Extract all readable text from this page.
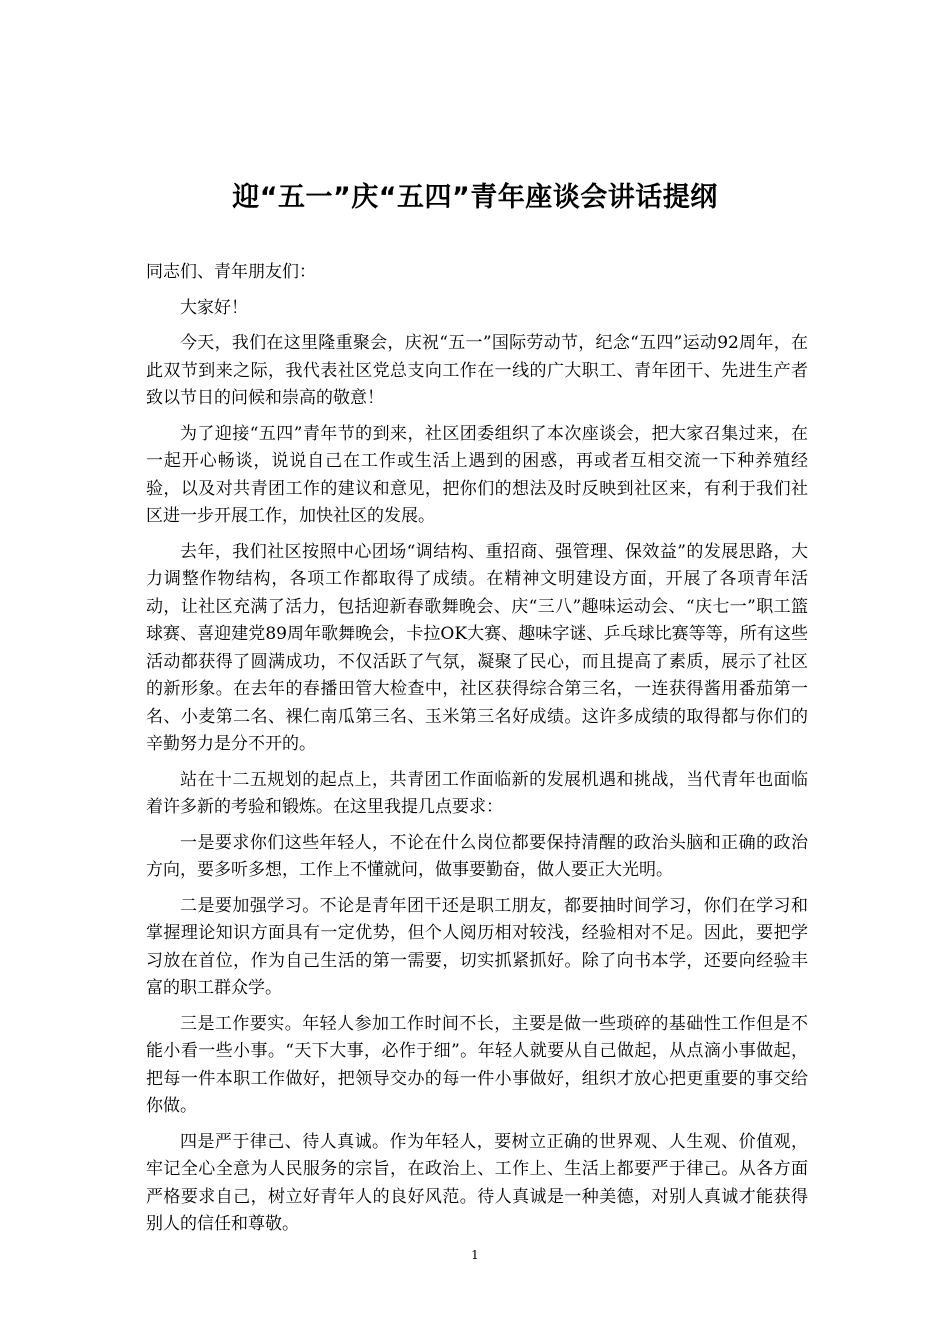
迎“五一”庆“五四”青年座谈会讲话提纲

同志们、青年朋友们：

大家好！

今天，我们在这里隆重聚会，庆祝“五一”国际劳动节，纪念“五四”运动92周年，在此双节到来之际，我代表社区党总支向工作在一线的广大职工、青年团干、先进生产者致以节日的问候和崇高的敬意！

为了迎接“五四”青年节的到来，社区团委组织了本次座谈会，把大家召集过来，在一起开心畅谈，说说自己在工作或生活上遇到的困惑，再或者互相交流一下种养殖经验，以及对共青团工作的建议和意见，把你们的想法及时反映到社区来，有利于我们社区进一步开展工作，加快社区的发展。

去年，我们社区按照中心团场“调结构、重招商、强管理、保效益”的发展思路，大力调整作物结构，各项工作都取得了成绩。在精神文明建设方面，开展了各项青年活动，让社区充满了活力，包括迎新春歌舞晚会、庆“三八”趣味运动会、“庆七一”职工篮球赛、喜迎建党89周年歌舞晚会，卡拉OK大赛、趣味字谜、乒乓球比赛等等，所有这些活动都获得了圆满成功，不仅活跃了气氛，凝聚了民心，而且提高了素质，展示了社区的新形象。在去年的春播田管大检查中，社区获得综合第三名，一连获得酱用番茄第一名、小麦第二名、裸仁南瓜第三名、玉米第三名好成绩。这许多成绩的取得都与你们的辛勤努力是分不开的。

站在十二五规划的起点上，共青团工作面临新的发展机遇和挑战，当代青年也面临着许多新的考验和锻炼。在这里我提几点要求：

一是要求你们这些年轻人，不论在什么岗位都要保持清醒的政治头脑和正确的政治方向，要多听多想，工作上不懂就问，做事要勤奋，做人要正大光明。

二是要加强学习。不论是青年团干还是职工朋友，都要抽时间学习，你们在学习和掌握理论知识方面具有一定优势，但个人阅历相对较浅，经验相对不足。因此，要把学习放在首位，作为自己生活的第一需要，切实抓紧抓好。除了向书本学，还要向经验丰富的职工群众学。

三是工作要实。年轻人参加工作时间不长，主要是做一些琐碎的基础性工作但是不能小看一些小事。“天下大事，必作于细”。年轻人就要从自己做起，从点滴小事做起，把每一件本职工作做好，把领导交办的每一件小事做好，组织才放心把更重要的事交给你做。

四是严于律己、待人真诚。作为年轻人，要树立正确的世界观、人生观、价值观，牢记全心全意为人民服务的宗旨，在政治上、工作上、生活上都要严于律己。从各方面严格要求自己，树立好青年人的良好风范。待人真诚是一种美德，对别人真诚才能获得别人的信任和尊敬。

1
